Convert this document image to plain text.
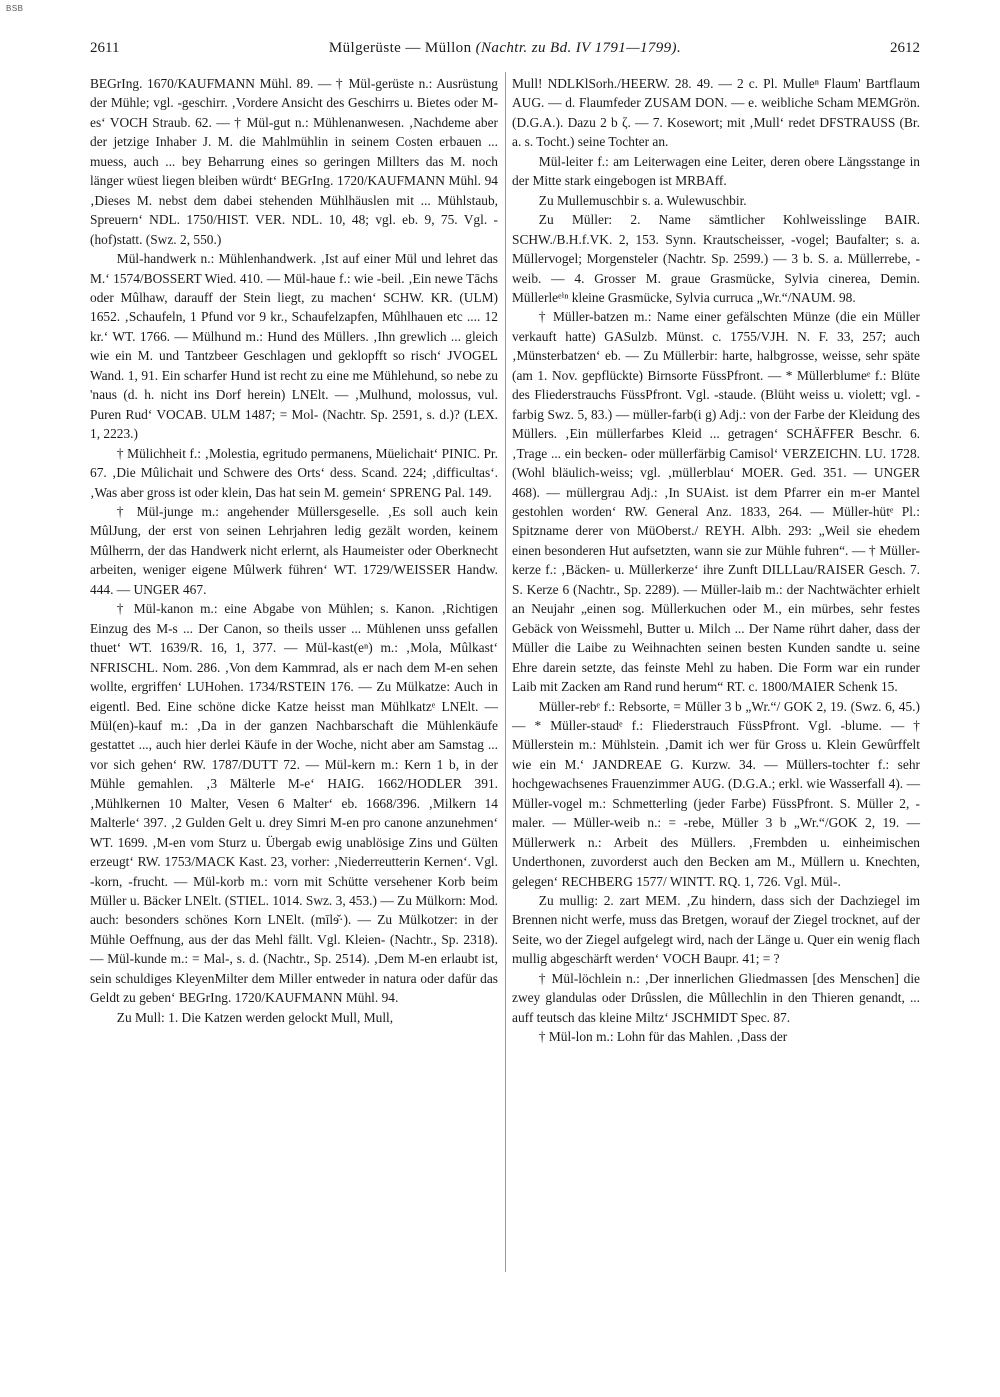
BSB
2611	Mülgerüste — Müllon (Nachtr. zu Bd. IV 1791—1799).	2612

BEGrIng. 1670/KAUFMANN Mühl. 89. — † Mül-gerüste n.: Ausrüstung der Mühle; vgl. -geschirr. ‚Vordere Ansicht des Geschirrs u. Bietes oder M-es‘ VOCH Straub. 62. — † Mül-gut n.: Mühlenanwesen. ‚Nachdeme aber der jetzige Inhaber J. M. die Mahlmühlin in seinem Costen erbauen ... muess, auch ... bey Beharrung eines so geringen Millters das M. noch länger wüest liegen bleiben würdt‘ BEGrIng. 1720/KAUFMANN Mühl. 94 ‚Dieses M. nebst dem dabei stehenden Mühlhäuslen mit ... Mühlstaub, Spreuern‘ NDL. 1750/HIST. VER. NDL. 10, 48; vgl. eb. 9, 75. Vgl. -(hof)statt. (Swz. 2, 550.)

Mül-handwerk n.: Mühlenhandwerk. ‚Ist auf einer Mül und lehret das M.‘ 1574/BOSSERT Wied. 410. — Mül-haue f.: wie -beil. ‚Ein newe Tāchs oder Mûlhaw, darauff der Stein liegt, zu machen‘ SCHW. KR. (ULM) 1652. ‚Schaufeln, 1 Pfund vor 9 kr., Schaufelzapfen, Mûhlhauen etc .... 12 kr.‘ WT. 1766. — Mülhund m.: Hund des Müllers. ‚Ihn grewlich ... gleich wie ein M. und Tantzbeer Geschlagen und geklopfft so risch‘ JVOGEL Wand. 1, 91. Ein scharfer Hund ist recht zu eine me Mühlehund, so nebe zu 'naus (d. h. nicht ins Dorf herein) LNElt. — ‚Mulhund, molossus, vul. Puren Rud‘ VOCAB. ULM 1487; = Mol- (Nachtr. Sp. 2591, s. d.)? (LEX. 1, 2223.)

† Mülichheit f.: ‚Molestia, egritudo permanens, Müelichait‘ PINIC. Pr. 67. ‚Die Mûlichait und Schwere des Orts‘ dess. Scand. 224; ‚difficultas‘. ‚Was aber gross ist oder klein, Das hat sein M. gemein‘ SPRENG Pal. 149.

† Mül-junge m.: angehender Müllersgeselle. ‚Es soll auch kein MûlJung, der erst von seinen Lehrjahren ledig gezält worden, keinem Mûlherrn, der das Handwerk nicht erlernt, als Haumeister oder Oberknecht arbeiten, weniger eigene Mûlwerk führen‘ WT. 1729/WEISSER Handw. 444. — UNGER 467.

† Mül-kanon m.: eine Abgabe von Mühlen; s. Kanon. ‚Richtigen Einzug des M-s ... Der Canon, so theils usser ... Mühlenen unss gefallen thuet‘ WT. 1639/R. 16, 1, 377. — Mül-kast(eⁿ) m.: ‚Mola, Mûlkast‘ NFRISCHL. Nom. 286. ‚Von dem Kammrad, als er nach dem M-en sehen wollte, ergriffen‘ LUHohen. 1734/RSTEIN 176. — Zu Mülkatze: Auch in eigentl. Bed. Eine schöne dicke Katze heisst man Mühlkatzᵉ LNElt. — Mül(en)-kauf m.: ‚Da in der ganzen Nachbarschaft die Mühlenkäufe gestattet ..., auch hier derlei Käufe in der Woche, nicht aber am Samstag ... vor sich gehen‘ RW. 1787/DUTT 72. — Mül-kern m.: Kern 1 b, in der Mühle gemahlen. ‚3 Mälterle M-e‘ HAIG. 1662/HODLER 391. ‚Mühlkernen 10 Malter, Vesen 6 Malter‘ eb. 1668/396. ‚Milkern 14 Malterle‘ 397. ‚2 Gulden Gelt u. drey Simri M-en pro canone anzunehmen‘ WT. 1699. ‚M-en vom Sturz u. Übergab ewig unablösige Zins und Gülten erzeugt‘ RW. 1753/MACK Kast. 23, vorher: ‚Niederreutterin Kernen‘. Vgl. -korn, -frucht. — Mül-korb m.: vorn mit Schütte versehener Korb beim Müller u. Bäcker LNElt. (STIEL. 1014. Swz. 3, 453.) — Zu Mülkorn: Mod. auch: besonders schönes Korn LNElt. (mīlɘ̌·). — Zu Mülkotzer: in der Mühle Oeffnung, aus der das Mehl fällt. Vgl. Kleien- (Nachtr., Sp. 2318). — Mül-kunde m.: = Mal-, s. d. (Nachtr., Sp. 2514). ‚Dem M-en erlaubt ist, sein schuldiges KleyenMilter dem Miller entweder in natura oder dafür das Geldt zu geben‘ BEGrIng. 1720/KAUFMANN Mühl. 94.

Zu Mull: 1. Die Katzen werden gelockt Mull, Mull,

Mull! NDLKlSorh./HEERW. 28. 49. — 2 c. Pl. Mulleⁿ Flaum' Bartflaum AUG. — d. Flaumfeder ZUSAM DON. — e. weibliche Scham MEMGrön. (D.G.A.). Dazu 2 b ζ. — 7. Kosewort; mit ‚Mull‘ redet DFSTRAUSS (Br. a. s. Tocht.) seine Tochter an.

Mül-leiter f.: am Leiterwagen eine Leiter, deren obere Längsstange in der Mitte stark eingebogen ist MRBAff.

Zu Mullemuschbir s. a. Wulewuschbir.

Zu Müller: 2. Name sämtlicher Kohlweisslinge BAIR. SCHW./B.H.f.VK. 2, 153. Synn. Krautscheisser, -vogel; Baufalter; s. a. Müllervogel; Morgensteler (Nachtr. Sp. 2599.) — 3 b. S. a. Müllerrebe, -weib. — 4. Grosser M. graue Grasmücke, Sylvia cinerea, Demin. Müllerleᵉⁱⁿ kleine Grasmücke, Sylvia curruca „Wr.“/NAUM. 98.

† Müller-batzen m.: Name einer gefälschten Münze (die ein Müller verkauft hatte) GASulzb. Münst. c. 1755/VJH. N. F. 33, 257; auch ‚Münsterbatzen‘ eb. — Zu Müllerbir: harte, halbgrosse, weisse, sehr späte (am 1. Nov. gepflückte) Birnsorte FüssPfront. — * Müllerblumeᵉ f.: Blüte des Fliederstrauchs FüssPfront. Vgl. -staude. (Blüht weiss u. violett; vgl. -farbig Swz. 5, 83.) — müller-farb(i g) Adj.: von der Farbe der Kleidung des Müllers. ‚Ein müllerfarbes Kleid ... getragen‘ SCHÄFFER Beschr. 6. ‚Trage ... ein becken- oder müllerfärbig Camisol‘ VERZEICHN. LU. 1728. (Wohl bläulich-weiss; vgl. ‚müllerblau‘ MOER. Ged. 351. — UNGER 468). — müllergrau Adj.: ‚In SUAist. ist dem Pfarrer ein m-er Mantel gestohlen worden‘ RW. General Anz. 1833, 264. — Müller-hütᵉ Pl.: Spitzname derer von MüOberst./ REYH. Albh. 293: „Weil sie ehedem einen besonderen Hut aufsetzten, wann sie zur Mühle fuhren“. — † Müller-kerze f.: ‚Bäcken- u. Müllerkerze‘ ihre Zunft DILLLau/RAISER Gesch. 7. S. Kerze 6 (Nachtr., Sp. 2289). — Müller-laib m.: der Nachtwächter erhielt an Neujahr „einen sog. Müllerkuchen oder M., ein mürbes, sehr festes Gebäck von Weissmehl, Butter u. Milch ... Der Name rührt daher, dass der Müller die Laibe zu Weihnachten seinen besten Kunden sandte u. seine Ehre darein setzte, das feinste Mehl zu haben. Die Form war ein runder Laib mit Zacken am Rand rund herum“ RT. c. 1800/MAIER Schenk 15.

Müller-rebᵉ f.: Rebsorte, = Müller 3 b „Wr.“/ GOK 2, 19. (Swz. 6, 45.) — * Müller-staudᵉ f.: Fliederstrauch FüssPfront. Vgl. -blume. — † Müllerstein m.: Mühlstein. ‚Damit ich wer für Gross u. Klein Gewûrffelt wie ein M.‘ JANDREAE G. Kurzw. 34. — Müllers-tochter f.: sehr hochgewachsenes Frauenzimmer AUG. (D.G.A.; erkl. wie Wasserfall 4). — Müller-vogel m.: Schmetterling (jeder Farbe) FüssPfront. S. Müller 2, -maler. — Müller-weib n.: = -rebe, Müller 3 b „Wr.“/GOK 2, 19. — Müllerwerk n.: Arbeit des Müllers. ‚Frembden u. einheimischen Underthonen, zuvorderst auch den Becken am M., Müllern u. Knechten, gelegen‘ RECHBERG 1577/ WINTT. RQ. 1, 726. Vgl. Mül-.

Zu mullig: 2. zart MEM. ‚Zu hindern, dass sich der Dachziegel im Brennen nicht werfe, muss das Bretgen, worauf der Ziegel trocknet, auf der Seite, wo der Ziegel aufgelegt wird, nach der Länge u. Quer ein wenig flach mullig abgeschärft werden‘ VOCH Baupr. 41; = ?

† Mül-löchlein n.: ‚Der innerlichen Gliedmassen [des Menschen] die zwey glandulas oder Drûsslen, die Mûllechlin in den Thieren genandt, ... auff teutsch das kleine Miltz‘ JSCHMIDT Spec. 87.

† Mül-lon m.: Lohn für das Mahlen. ‚Dass der
